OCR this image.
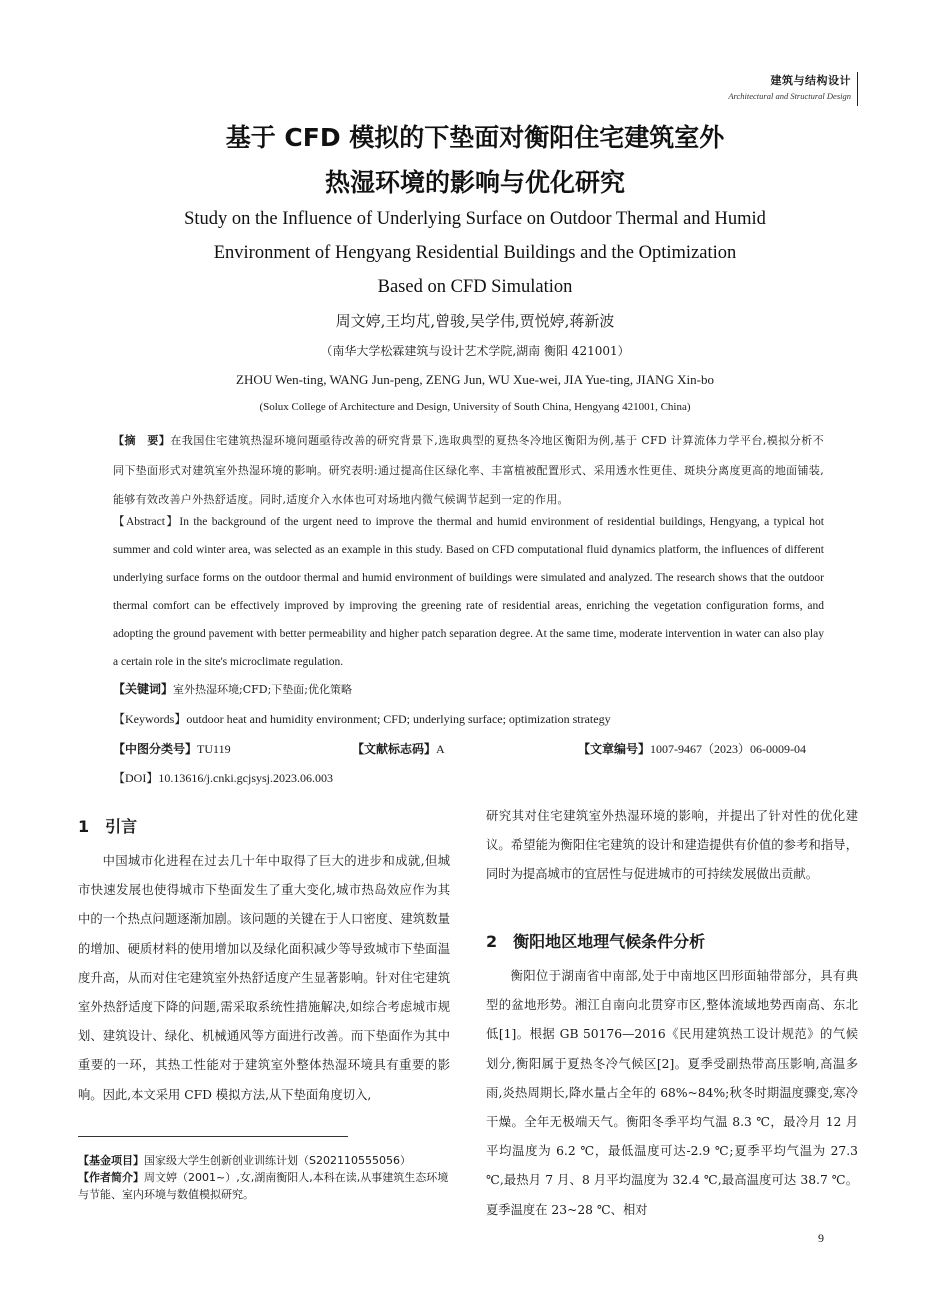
建筑与结构设计
Architectural and Structural Design
基于 CFD 模拟的下垫面对衡阳住宅建筑室外
热湿环境的影响与优化研究
Study on the Influence of Underlying Surface on Outdoor Thermal and Humid
Environment of Hengyang Residential Buildings and the Optimization
Based on CFD Simulation
周文婷,王均芃,曾骏,吴学伟,贾悦婷,蒋新波
（南华大学松霖建筑与设计艺术学院,湖南 衡阳 421001）
ZHOU Wen-ting, WANG Jun-peng, ZENG Jun, WU Xue-wei, JIA Yue-ting, JIANG Xin-bo
(Solux College of Architecture and Design, University of South China, Hengyang 421001, China)

【摘　要】在我国住宅建筑热湿环境问题亟待改善的研究背景下,选取典型的夏热冬冷地区衡阳为例,基于 CFD 计算流体力学平台,模拟分析不同下垫面形式对建筑室外热湿环境的影响。研究表明:通过提高住区绿化率、丰富植被配置形式、采用透水性更佳、斑块分离度更高的地面铺装,能够有效改善户外热舒适度。同时,适度介入水体也可对场地内微气候调节起到一定的作用。

【Abstract】In the background of the urgent need to improve the thermal and humid environment of residential buildings, Hengyang, a typical hot summer and cold winter area, was selected as an example in this study. Based on CFD computational fluid dynamics platform, the influences of different underlying surface forms on the outdoor thermal and humid environment of buildings were simulated and analyzed. The research shows that the outdoor thermal comfort can be effectively improved by improving the greening rate of residential areas, enriching the vegetation configuration forms, and adopting the ground pavement with better permeability and higher patch separation degree. At the same time, moderate intervention in water can also play a certain role in the site's microclimate regulation.

【关键词】室外热湿环境;CFD;下垫面;优化策略
【Keywords】outdoor heat and humidity environment; CFD; underlying surface; optimization strategy
【中图分类号】TU119	【文献标志码】A	【文章编号】1007-9467（2023）06-0009-04
【DOI】10.13616/j.cnki.gcjsysj.2023.06.003
1　引言

中国城市化进程在过去几十年中取得了巨大的进步和成就,但城市快速发展也使得城市下垫面发生了重大变化,城市热岛效应作为其中的一个热点问题逐渐加剧。该问题的关键在于人口密度、建筑数量的增加、硬质材料的使用增加以及绿化面积减少等导致城市下垫面温度升高，从而对住宅建筑室外热舒适度产生显著影响。针对住宅建筑室外热舒适度下降的问题,需采取系统性措施解决,如综合考虑城市规划、建筑设计、绿化、机械通风等方面进行改善。而下垫面作为其中重要的一环，其热工性能对于建筑室外整体热湿环境具有重要的影响。因此,本文采用 CFD 模拟方法,从下垫面角度切入,

【基金项目】国家级大学生创新创业训练计划（S202110555056）

【作者简介】周文婷（2001~）,女,湖南衡阳人,本科在读,从事建筑生态环境与节能、室内环境与数值模拟研究。

研究其对住宅建筑室外热湿环境的影响，并提出了针对性的优化建议。希望能为衡阳住宅建筑的设计和建造提供有价值的参考和指导，同时为提高城市的宜居性与促进城市的可持续发展做出贡献。

2　衡阳地区地理气候条件分析

衡阳位于湖南省中南部,处于中南地区凹形面轴带部分，具有典型的盆地形势。湘江自南向北贯穿市区,整体流域地势西南高、东北低[1]。根据 GB 50176—2016《民用建筑热工设计规范》的气候划分,衡阳属于夏热冬冷气候区[2]。夏季受副热带高压影响,高温多雨,炎热周期长,降水量占全年的 68%~84%;秋冬时期温度骤变,寒冷干燥。全年无极端天气。衡阳冬季平均气温 8.3 ℃，最冷月 12 月平均温度为 6.2 ℃，最低温度可达-2.9 ℃;夏季平均气温为 27.3 ℃,最热月 7 月、8 月平均温度为 32.4 ℃,最高温度可达 38.7 ℃。夏季温度在 23~28 ℃、相对

9
